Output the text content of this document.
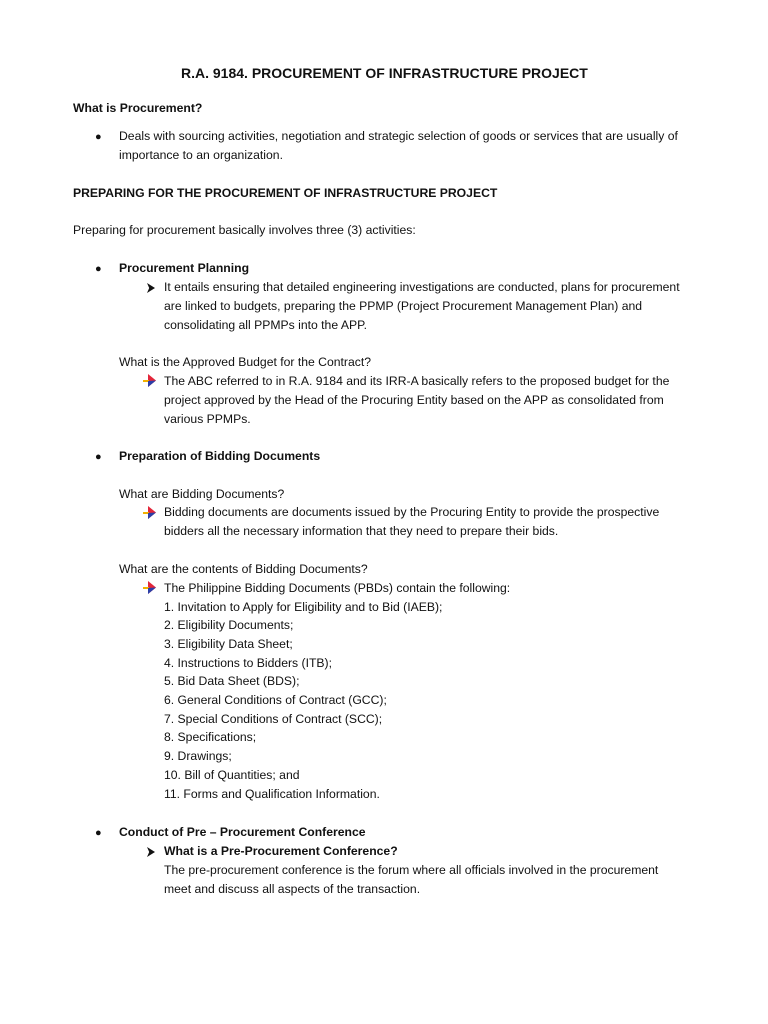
R.A. 9184. PROCUREMENT OF INFRASTRUCTURE PROJECT
What is Procurement?
● Deals with sourcing activities, negotiation and strategic selection of goods or services that are usually of
importance to an organization.
PREPARING FOR THE PROCUREMENT OF INFRASTRUCTURE PROJECT
Preparing for procurement basically involves three (3) activities:
● Procurement Planning
It entails ensuring that detailed engineering investigations are conducted, plans for procurement
are linked to budgets, preparing the PPMP (Project Procurement Management Plan) and
consolidating all PPMPs into the APP.
What is the Approved Budget for the Contract?
The ABC referred to in R.A. 9184 and its IRR-A basically refers to the proposed budget for the
project approved by the Head of the Procuring Entity based on the APP as consolidated from
various PPMPs.
● Preparation of Bidding Documents
What are Bidding Documents?
Bidding documents are documents issued by the Procuring Entity to provide the prospective
bidders all the necessary information that they need to prepare their bids.
What are the contents of Bidding Documents?
The Philippine Bidding Documents (PBDs) contain the following:
1. Invitation to Apply for Eligibility and to Bid (IAEB);
2. Eligibility Documents;
3. Eligibility Data Sheet;
4. Instructions to Bidders (ITB);
5. Bid Data Sheet (BDS);
6. General Conditions of Contract (GCC);
7. Special Conditions of Contract (SCC);
8. Specifications;
9. Drawings;
10. Bill of Quantities; and
11. Forms and Qualification Information.
● Conduct of Pre – Procurement Conference
What is a Pre-Procurement Conference?
The pre-procurement conference is the forum where all officials involved in the procurement
meet and discuss all aspects of the transaction.
